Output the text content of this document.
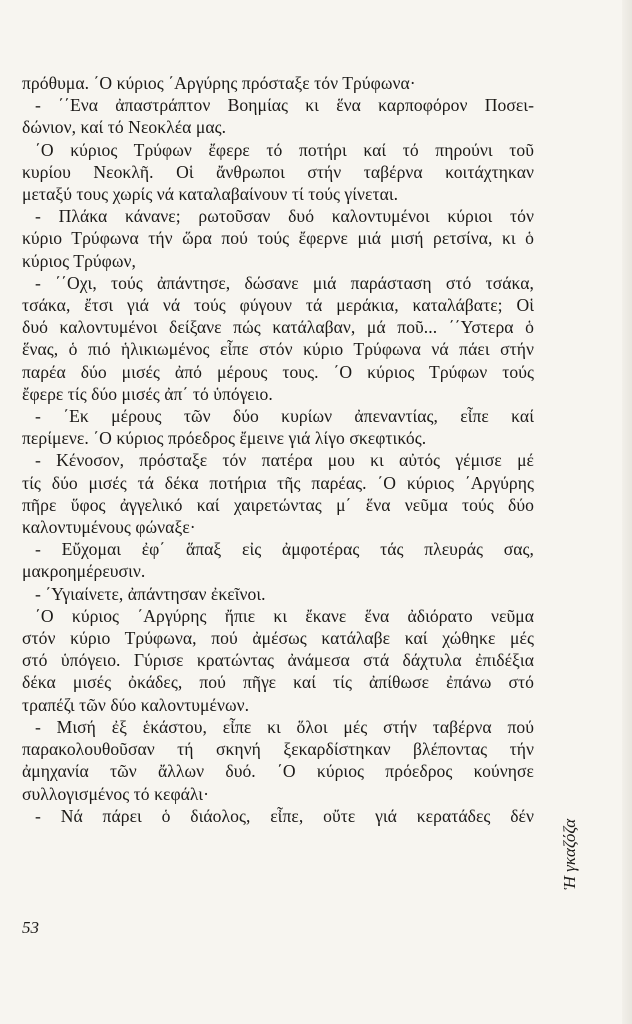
πρόθυμα. ΄Ο κύριος ΄Αργύρης πρόσταξε τόν Τρύφωνα·
- ΄΄Ενα ἀπαστράπτον Βοημίας κι ἕνα καρποφόρον Ποσει-
δώνιον, καί τό Νεοκλέα μας.
΄Ο κύριος Τρύφων ἔφερε τό ποτήρι καί τό πηρούνι τοῦ
κυρίου Νεοκλῆ. Οἱ ἄνθρωποι στήν ταβέρνα κοιτάχτηκαν
μεταξύ τους χωρίς νά καταλαβαίνουν τί τούς γίνεται.
- Πλάκα κάνανε; ρωτοῦσαν δυό καλοντυμένοι κύριοι τόν
κύριο Τρύφωνα τήν ὥρα πού τούς ἔφερνε μιά μισή ρετσίνα, κι ὁ
κύριος Τρύφων,
- ΄΄Οχι, τούς ἀπάντησε, δώσανε μιά παράσταση στό τσάκα,
τσάκα, ἔτσι γιά νά τούς φύγουν τά μεράκια, καταλάβατε; Οἱ
δυό καλοντυμένοι δείξανε πώς κατάλαβαν, μά ποῦ... ΄΄Υστερα ὁ
ἕνας, ὁ πιό ἡλικιωμένος εἶπε στόν κύριο Τρύφωνα νά πάει στήν
παρέα δύο μισές ἀπό μέρους τους. ΄Ο κύριος Τρύφων τούς
ἔφερε τίς δύο μισές ἀπ΄ τό ὑπόγειο.
- ΄Εκ μέρους τῶν δύο κυρίων ἀπεναντίας, εἶπε καί
περίμενε. ΄Ο κύριος πρόεδρος ἔμεινε γιά λίγο σκεφτικός.
- Κένοσον, πρόσταξε τόν πατέρα μου κι αὐτός γέμισε μέ
τίς δύο μισές τά δέκα ποτήρια τῆς παρέας. ΄Ο κύριος ΄Αργύρης
πῆρε ὕφος ἀγγελικό καί χαιρετώντας μ΄ ἕνα νεῦμα τούς δύο
καλοντυμένους φώναξε·
- Εὔχομαι ἐφ΄ ἅπαξ εἰς ἀμφοτέρας τάς πλευράς σας,
μακροημέρευσιν.
- ΄Υγιαίνετε, ἀπάντησαν ἐκεῖνοι.
΄Ο κύριος ΄Αργύρης ἤπιε κι ἔκανε ἕνα ἀδιόρατο νεῦμα
στόν κύριο Τρύφωνα, πού ἀμέσως κατάλαβε καί χώθηκε μές
στό ὑπόγειο. Γύρισε κρατώντας ἀνάμεσα στά δάχτυλα ἐπιδέξια
δέκα μισές ὀκάδες, πού πῆγε καί τίς ἀπίθωσε ἐπάνω στό
τραπέζι τῶν δύο καλοντυμένων.
- Μισή ἐξ ἑκάστου, εἶπε κι ὅλοι μές στήν ταβέρνα πού
παρακολουθοῦσαν τή σκηνή ξεκαρδίστηκαν βλέποντας τήν
ἀμηχανία τῶν ἄλλων δυό. ΄Ο κύριος πρόεδρος κούνησε
συλλογισμένος τό κεφάλι·
- Νά πάρει ὁ διάολος, εἶπε, οὔτε γιά κερατάδες δέν
53
Ἡ γκαζόζα
